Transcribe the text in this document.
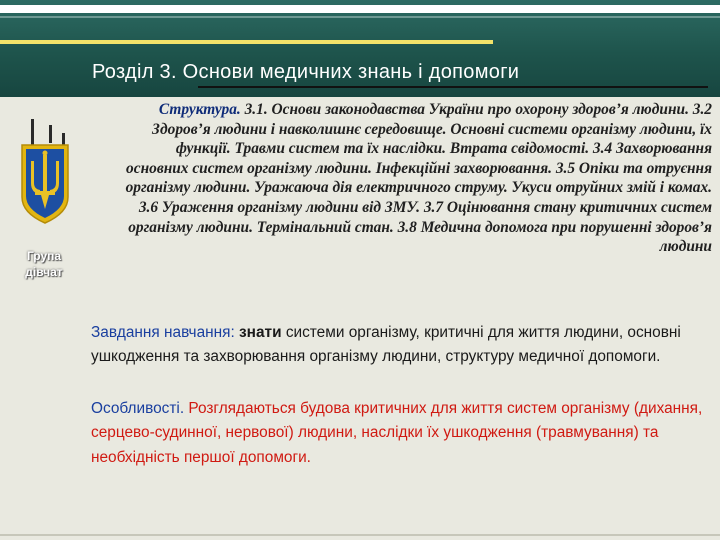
Розділ 3. Основи медичних знань і допомоги
Група
дівчат
Структура. 3.1. Основи законодавства України про охорону здоров’я людини. 3.2 Здоров’я людини і навколишнє середовище. Основні системи організму людини, їх функції. Травми систем та їх наслідки. Втрата свідомості. 3.4 Захворювання основних систем організму людини. Інфекційні захворювання. 3.5 Опіки та отруєння організму людини. Уражаюча дія електричного струму. Укуси отруйних змій і комах. 3.6 Ураження організму людини від ЗМУ. 3.7 Оцінювання стану критичних систем організму людини. Термінальний стан. 3.8 Медична допомога при порушенні здоров’я людини
Завдання навчання: знати системи організму, критичні для життя людини, основні ушкодження та захворювання організму людини, структуру медичної допомоги.
Особливості. Розглядаються будова критичних для життя систем організму (дихання, серцево-судинної, нервової) людини, наслідки їх ушкодження (травмування) та необхідність першої допомоги.
